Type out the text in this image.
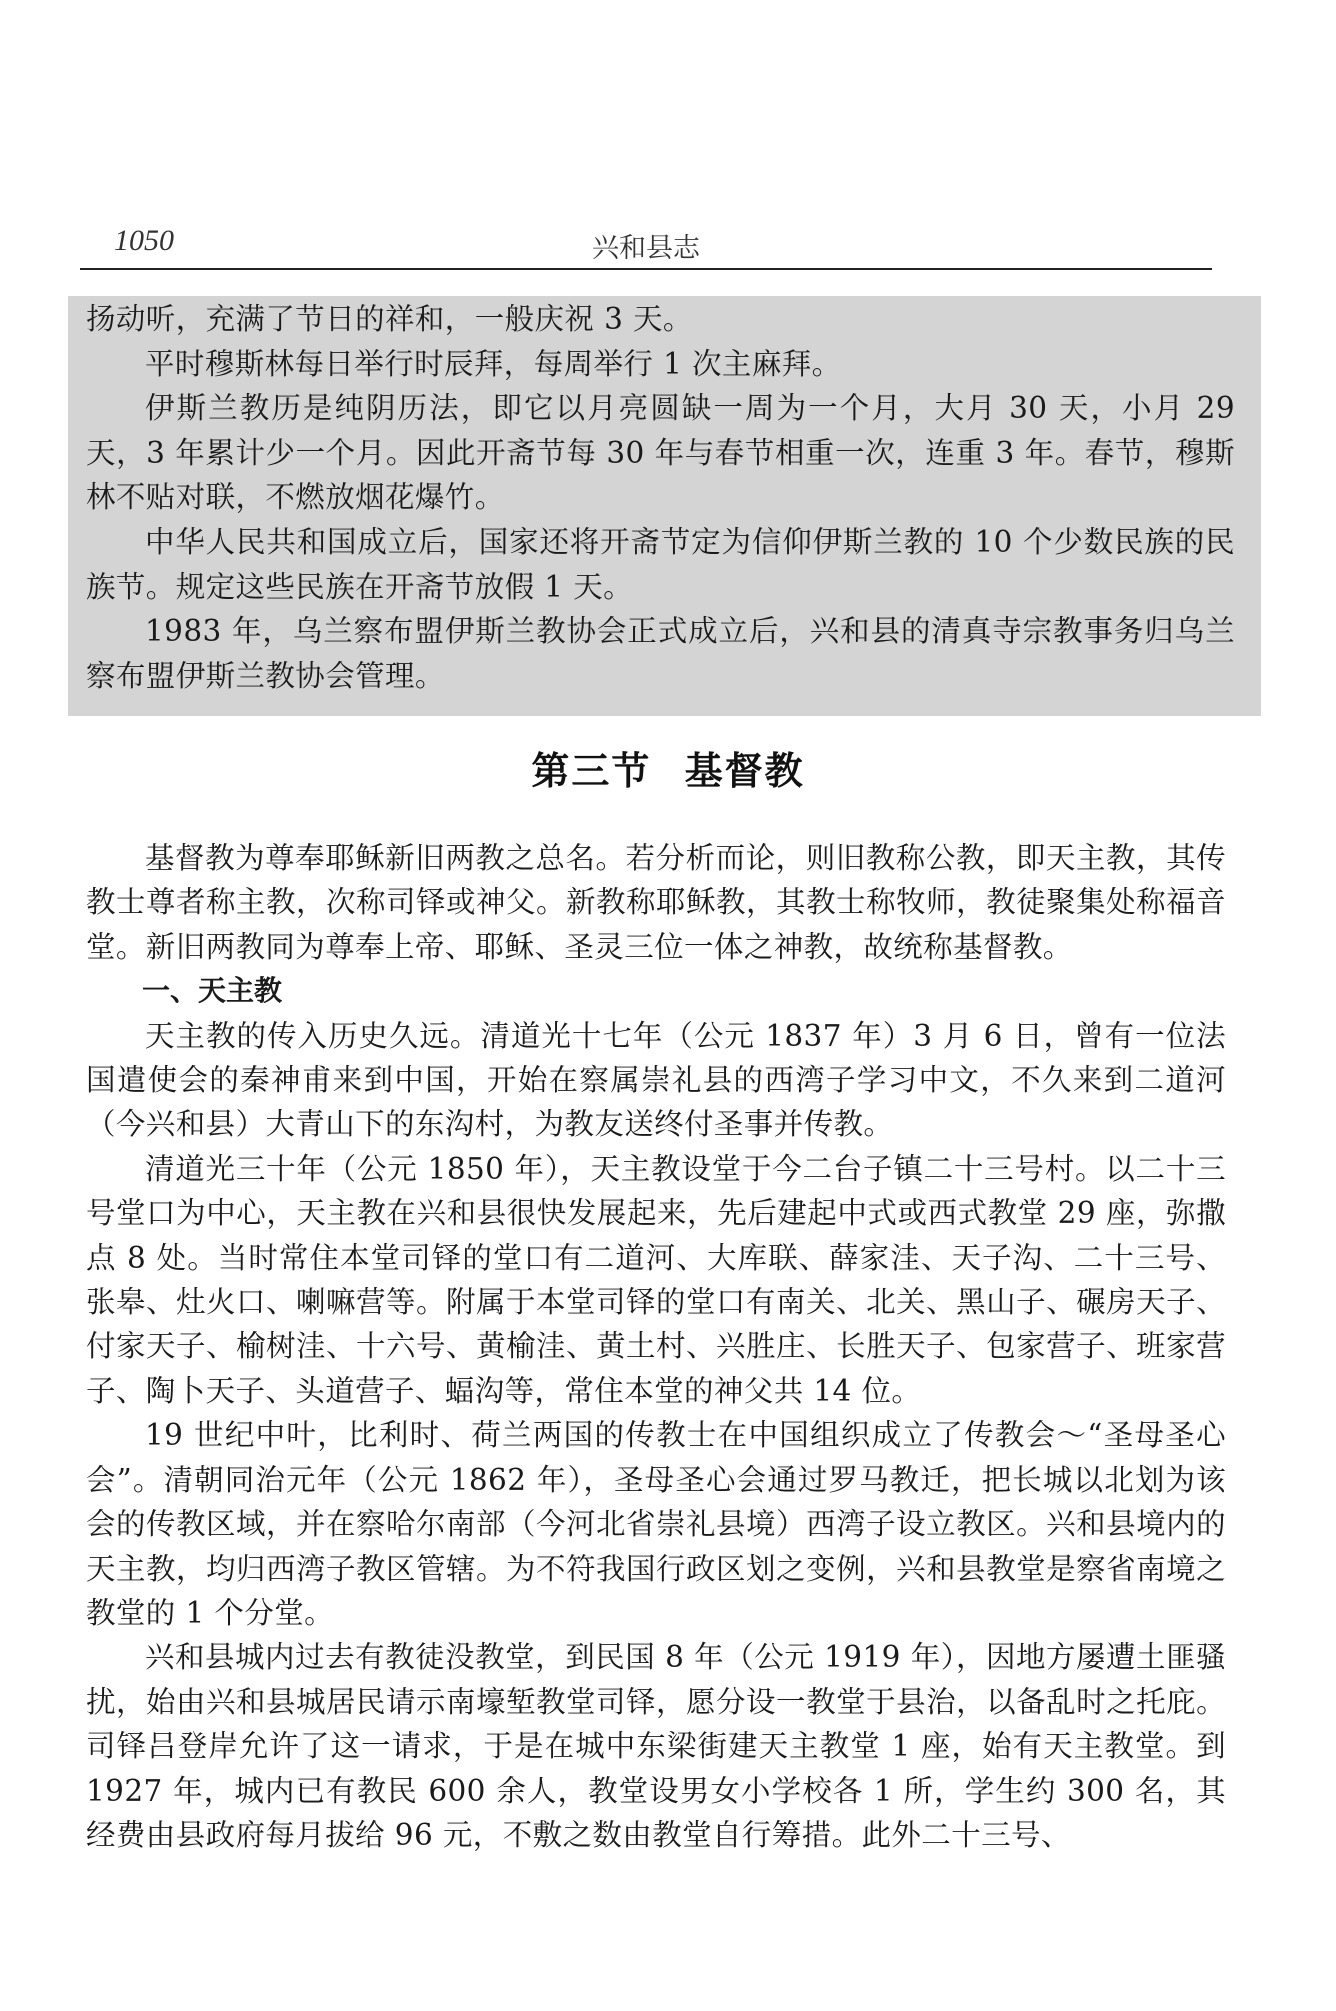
1050	兴和县志

扬动听，充满了节日的祥和，一般庆祝 3 天。

平时穆斯林每日举行时辰拜，每周举行 1 次主麻拜。

伊斯兰教历是纯阴历法，即它以月亮圆缺一周为一个月，大月 30 天，小月 29 天，3 年累计少一个月。因此开斋节每 30 年与春节相重一次，连重 3 年。春节，穆斯林不贴对联，不燃放烟花爆竹。

中华人民共和国成立后，国家还将开斋节定为信仰伊斯兰教的 10 个少数民族的民族节。规定这些民族在开斋节放假 1 天。

1983 年，乌兰察布盟伊斯兰教协会正式成立后，兴和县的清真寺宗教事务归乌兰察布盟伊斯兰教协会管理。

第三节 基督教

基督教为尊奉耶稣新旧两教之总名。若分析而论，则旧教称公教，即天主教，其传教士尊者称主教，次称司铎或神父。新教称耶稣教，其教士称牧师，教徒聚集处称福音堂。新旧两教同为尊奉上帝、耶稣、圣灵三位一体之神教，故统称基督教。

一、天主教

天主教的传入历史久远。清道光十七年（公元 1837 年）3 月 6 日，曾有一位法国遣使会的秦神甫来到中国，开始在察属崇礼县的西湾子学习中文，不久来到二道河（今兴和县）大青山下的东沟村，为教友送终付圣事并传教。

清道光三十年（公元 1850 年），天主教设堂于今二台子镇二十三号村。以二十三号堂口为中心，天主教在兴和县很快发展起来，先后建起中式或西式教堂 29 座，弥撒点 8 处。当时常住本堂司铎的堂口有二道河、大库联、薛家洼、天子沟、二十三号、张皋、灶火口、喇嘛营等。附属于本堂司铎的堂口有南关、北关、黑山子、碾房天子、付家天子、榆树洼、十六号、黄榆洼、黄土村、兴胜庄、长胜天子、包家营子、班家营子、陶卜天子、头道营子、蝠沟等，常住本堂的神父共 14 位。

19 世纪中叶，比利时、荷兰两国的传教士在中国组织成立了传教会～“圣母圣心会”。清朝同治元年（公元 1862 年），圣母圣心会通过罗马教迁，把长城以北划为该会的传教区域，并在察哈尔南部（今河北省崇礼县境）西湾子设立教区。兴和县境内的天主教，均归西湾子教区管辖。为不符我国行政区划之变例，兴和县教堂是察省南境之教堂的 1 个分堂。

兴和县城内过去有教徒没教堂，到民国 8 年（公元 1919 年），因地方屡遭土匪骚扰，始由兴和县城居民请示南壕堑教堂司铎，愿分设一教堂于县治，以备乱时之托庇。司铎吕登岸允许了这一请求，于是在城中东梁街建天主教堂 1 座，始有天主教堂。到 1927 年，城内已有教民 600 余人，教堂设男女小学校各 1 所，学生约 300 名，其经费由县政府每月拔给 96 元，不敷之数由教堂自行筹措。此外二十三号、
